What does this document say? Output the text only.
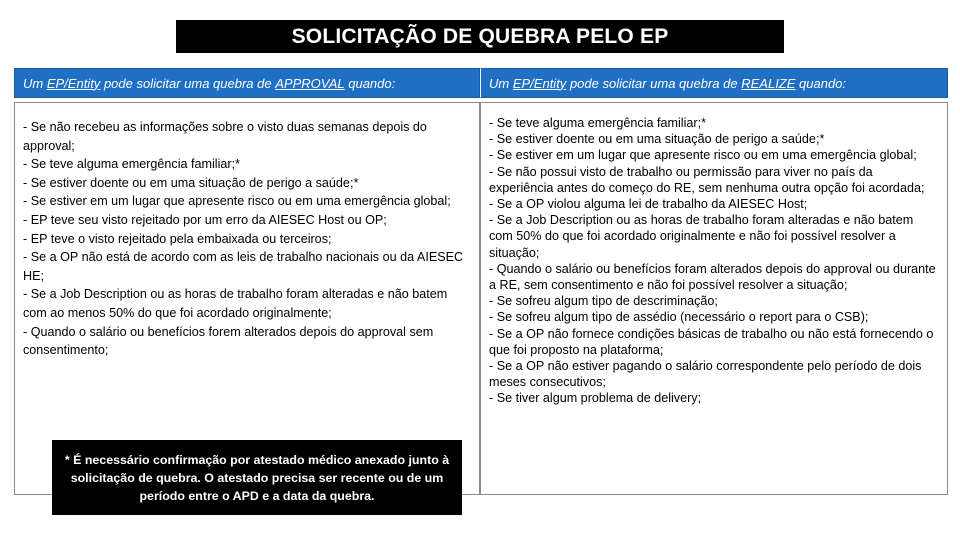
SOLICITAÇÃO DE QUEBRA PELO EP
Um
EP/Entity
pode solicitar uma quebra de
APPROVAL
quando:	Um
EP/Entity
pode solicitar uma quebra de
REALIZE
quando:
- Se não recebeu as informações sobre o visto duas semanas depois do approval;
- Se teve alguma emergência familiar;*
- Se estiver doente ou em uma situação de perigo a saúde;*
- Se estiver em um lugar que apresente risco ou em uma emergência global;
- EP teve seu visto rejeitado por um erro da AIESEC Host ou OP;
- EP teve o visto rejeitado pela embaixada ou terceiros;
- Se a OP não está de acordo com as leis de trabalho nacionais ou da AIESEC HE;
- Se a Job Description ou as horas de trabalho foram alteradas e não batem com ao menos 50% do que foi acordado originalmente;
- Quando o salário ou benefícios forem alterados depois do approval sem consentimento;
* É necessário confirmação por atestado médico anexado junto à solicitação de quebra. O atestado precisa ser recente ou de um período entre o APD e a data da quebra.
- Se teve alguma emergência familiar;*
- Se estiver doente ou em uma situação de perigo a saúde;*
- Se estiver em um lugar que apresente risco ou em uma emergência global;
- Se não possui visto de trabalho ou permissão para viver no país da experiência antes do começo do RE, sem nenhuma outra opção foi acordada;
- Se a OP violou alguma lei de trabalho da AIESEC Host;
- Se a Job Description ou as horas de trabalho foram alteradas e não batem com 50% do que foi acordado originalmente e não foi possível resolver a situação;
- Quando o salário ou benefícios foram alterados depois do approval ou durante a RE, sem consentimento e não foi possível resolver a situação;
- Se sofreu algum tipo de descriminação;
- Se sofreu algum tipo de assédio (necessário o report para o CSB);
- Se a OP não fornece condições básicas de trabalho ou não está fornecendo o que foi proposto na plataforma;
- Se a OP não estiver pagando o salário correspondente pelo período de dois meses consecutivos;
- Se tiver algum problema de delivery;
